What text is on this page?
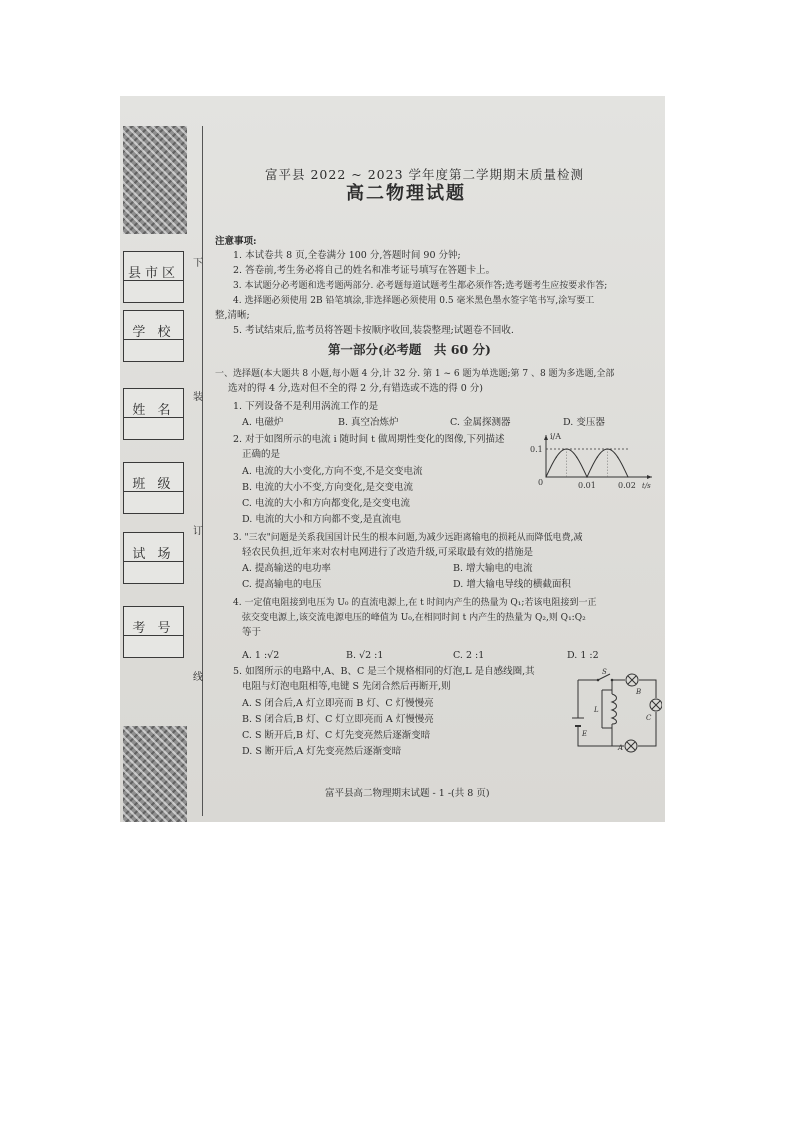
县市区
学 校
姓 名
班 级
试 场
考 号
下
装
订
线
富平县 2022 ~ 2023 学年度第二学期期末质量检测
高二物理试题
注意事项:
1. 本试卷共 8 页,全卷满分 100 分,答题时间 90 分钟;
2. 答卷前,考生务必将自己的姓名和准考证号填写在答题卡上。
3. 本试题分必考题和选考题两部分. 必考题每道试题考生都必须作答;选考题考生应按要求作答;
4. 选择题必须使用 2B 铅笔填涂,非选择题必须使用 0.5 毫米黑色墨水签字笔书写,涂写要工
整,清晰;
5. 考试结束后,监考员将答题卡按顺序收回,装袋整理;试题卷不回收.
第一部分(必考题　共 60 分)
一、选择题(本大题共 8 小题,每小题 4 分,计 32 分. 第 1 ~ 6 题为单选题;第 7 、8 题为多选题,全部
选对的得 4 分,选对但不全的得 2 分,有错选或不选的得 0 分)
1. 下列设备不是利用涡流工作的是
A. 电磁炉	B. 真空冶炼炉	C. 金属探测器	D. 变压器
2. 对于如图所示的电流 i 随时间 t 做周期性变化的图像,下列描述
正确的是
A. 电流的大小变化,方向不变,不是交变电流
B. 电流的大小不变,方向变化,是交变电流
C. 电流的大小和方向都变化,是交变电流
D. 电流的大小和方向都不变,是直流电
i/A
0.1
0	0.01	0.02 t/s
3. "三农"问题是关系我国国计民生的根本问题,为减少远距离输电的损耗从而降低电费,减
轻农民负担,近年来对农村电网进行了改造升级,可采取最有效的措施是
A. 提高输送的电功率	B. 增大输电的电流
C. 提高输电的电压	D. 增大输电导线的横截面积
4. 一定值电阻接到电压为 U₀ 的直流电源上,在 t 时间内产生的热量为 Q₁;若该电阻接到一正
弦交变电源上,该交流电源电压的峰值为 U₀,在相同时间 t 内产生的热量为 Q₂,则 Q₁:Q₂
等于
A. 1 :√2	B. √2 :1	C. 2 :1	D. 1 :2
5. 如图所示的电路中,A、B、C 是三个规格相同的灯泡,L 是自感线圈,其
电阻与灯泡电阻相等,电键 S 先闭合然后再断开,则
A. S 闭合后,A 灯立即亮而 B 灯、C 灯慢慢亮
B. S 闭合后,B 灯、C 灯立即亮而 A 灯慢慢亮
C. S 断开后,B 灯、C 灯先变亮然后逐渐变暗
D. S 断开后,A 灯先变亮然后逐渐变暗
S
B
C
A
L
E
富平县高二物理期末试题 - 1 -(共 8 页)
